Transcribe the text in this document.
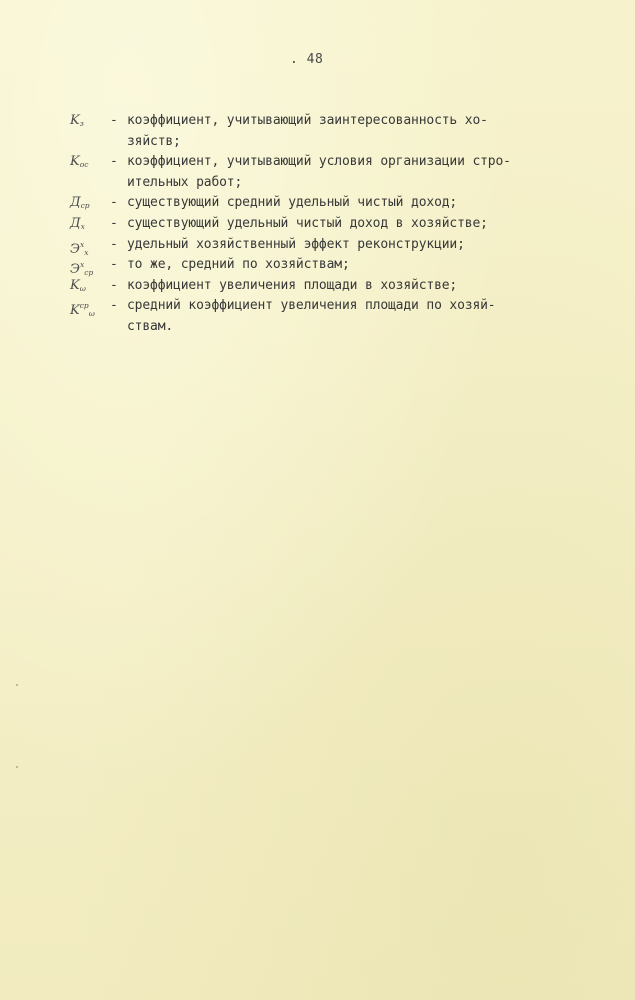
. 48
$K_з$ - коэффициент, учитывающий заинтересованность хо-
зяйств;
$K_{ос}$ - коэффициент, учитывающий условия организации стро-
ительных работ;
$Д_{ср}$ - существующий средний удельный чистый доход;
$Д_х$ - существующий удельный чистый доход в хозяйстве;
$Э^х_х$
- удельный хозяйственный эффект реконструкции;
$Э^х_{ср}$
- то же, средний по хозяйствам;
$K_\omega$ - коэффициент увеличения площади в хозяйстве;
$K^{ср}_\omega$
- средний коэффициент увеличения площади по хозяй-
ствам.
